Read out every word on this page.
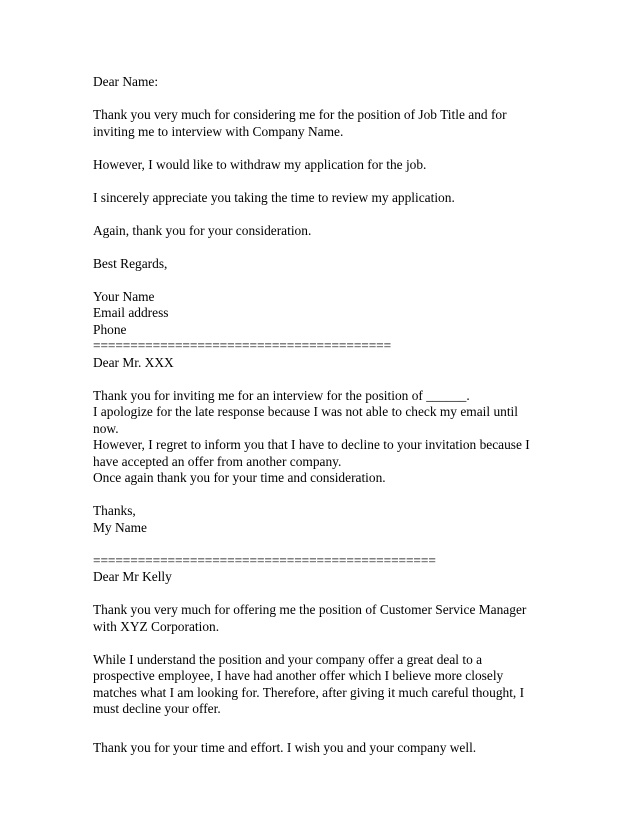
Dear Name:

Thank you very much for considering me for the position of Job Title and for

inviting me to interview with Company Name.

However, I would like to withdraw my application for the job.

I sincerely appreciate you taking the time to review my application.

Again, thank you for your consideration.

Best Regards,

Your Name

Email address

Phone

========================================

Dear Mr. XXX

Thank you for inviting me for an interview for the position of ______.

I apologize for the late response because I was not able to check my email until

now.

However, I regret to inform you that I have to decline to your invitation because I

have accepted an offer from another company.

Once again thank you for your time and consideration.

Thanks,

My Name

==============================================

Dear Mr Kelly

Thank you very much for offering me the position of Customer Service Manager

with XYZ Corporation.

While I understand the position and your company offer a great deal to a

prospective employee, I have had another offer which I believe more closely

matches what I am looking for. Therefore, after giving it much careful thought, I

must decline your offer.

Thank you for your time and effort. I wish you and your company well.
